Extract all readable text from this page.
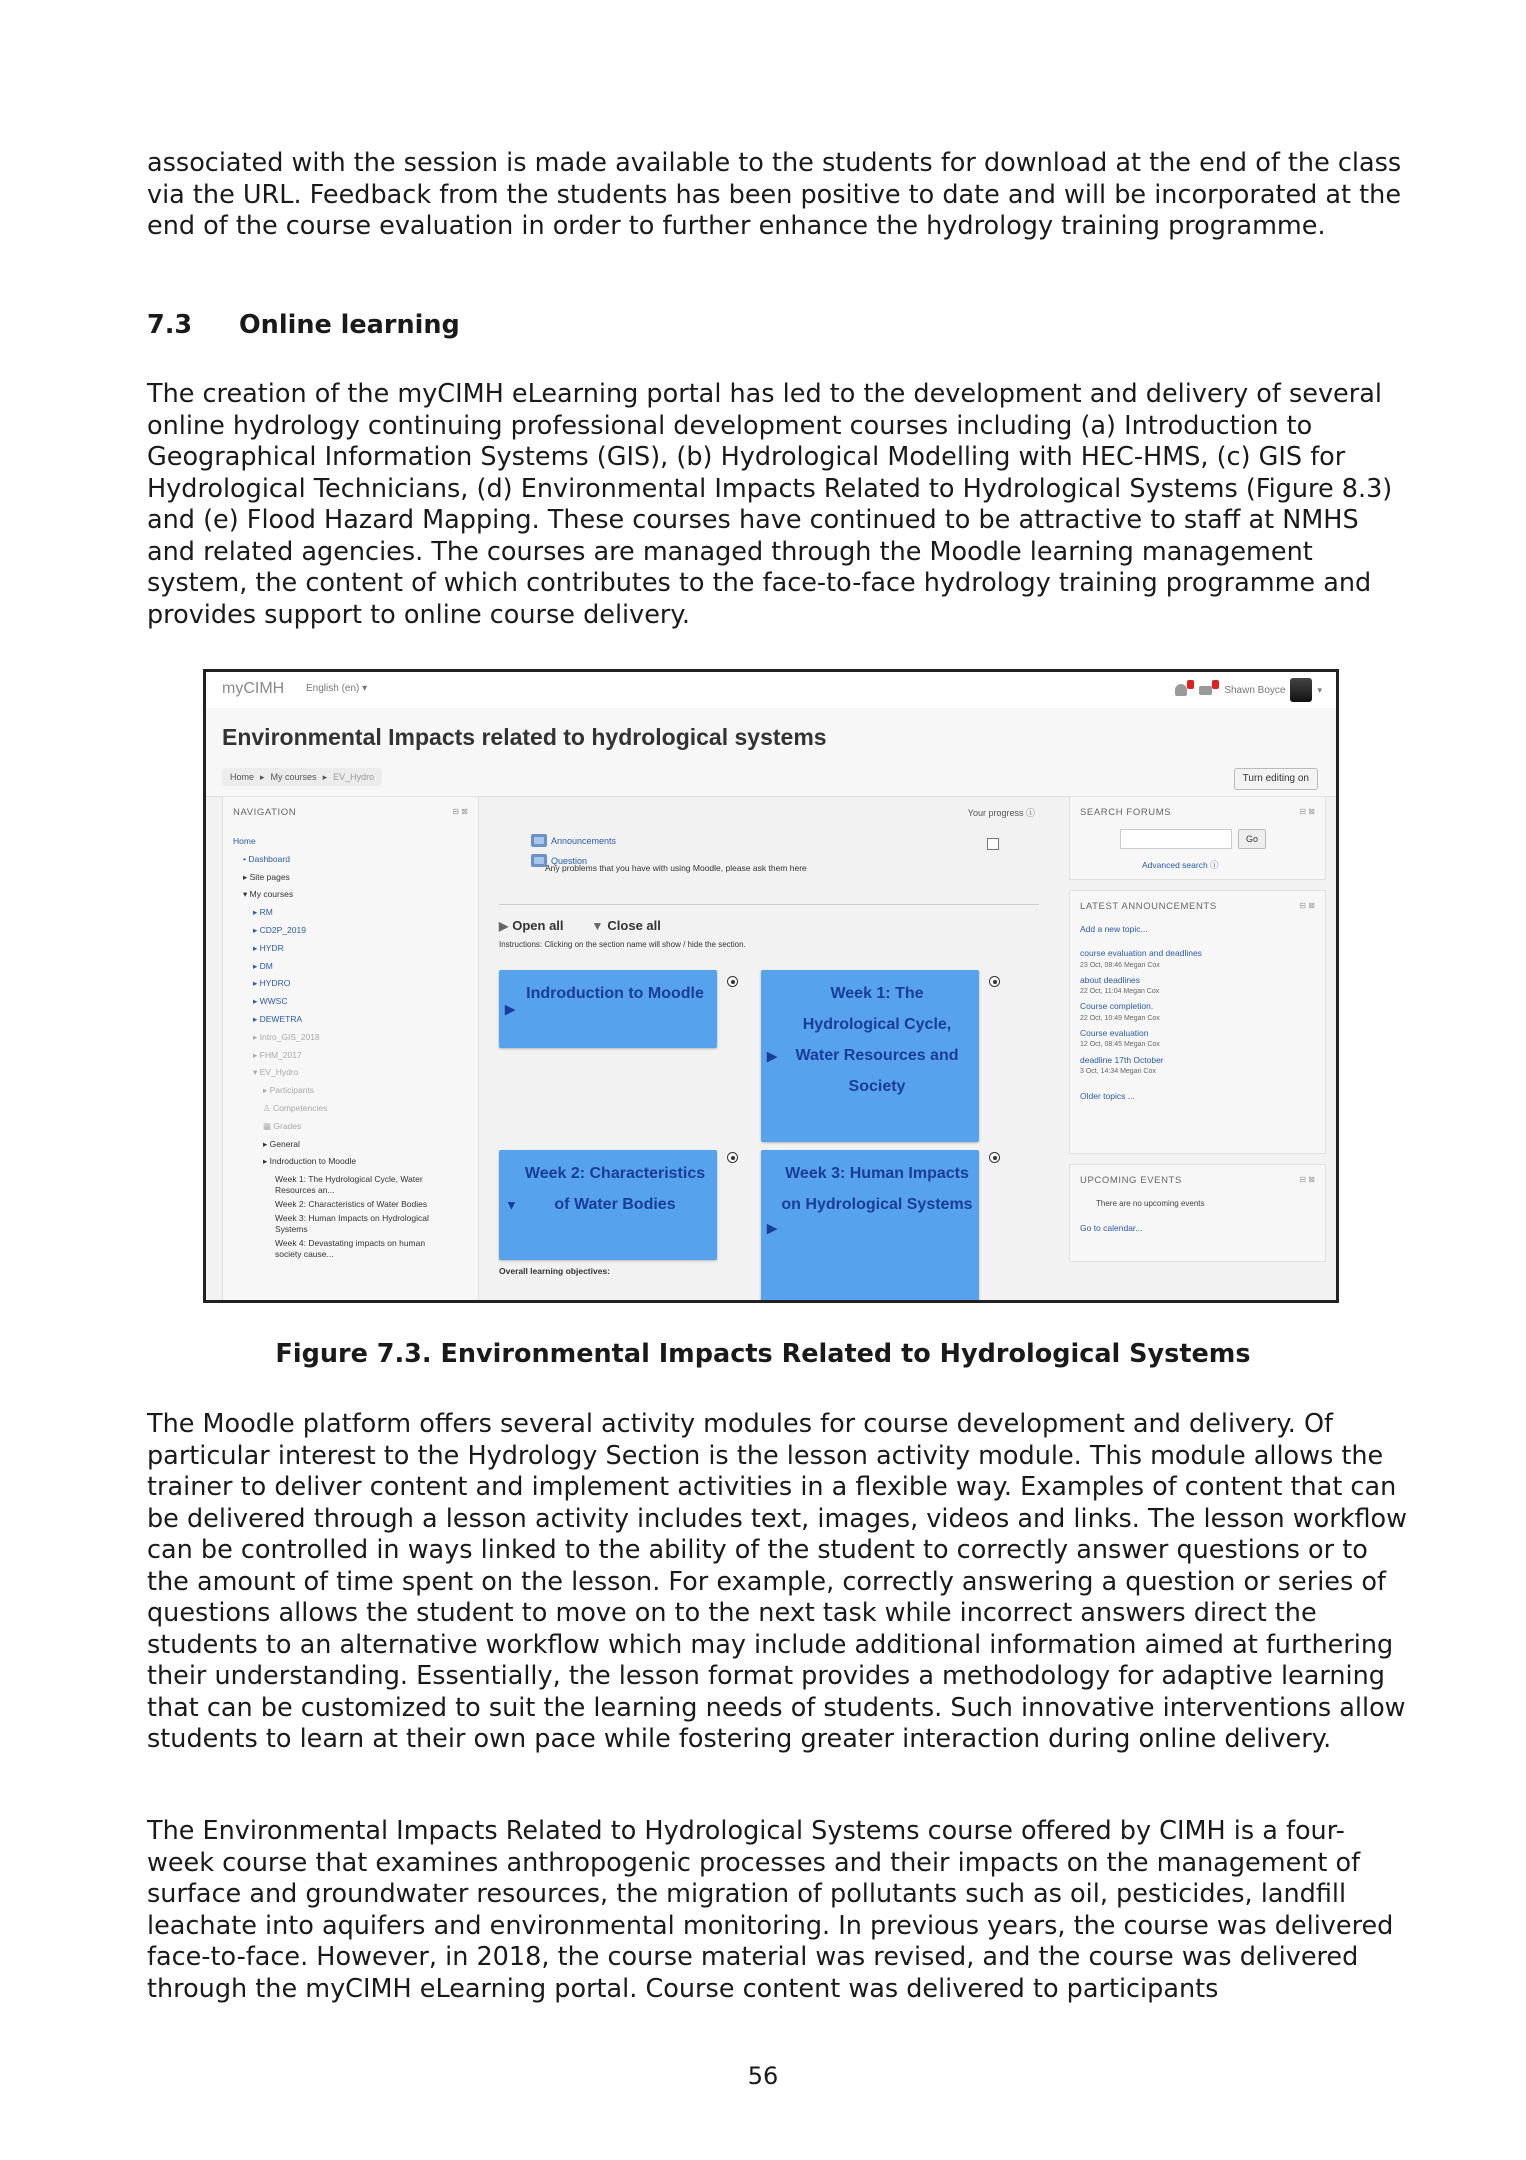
associated with the session is made available to the students for download at the end of the class via the URL. Feedback from the students has been positive to date and will be incorporated at the end of the course evaluation in order to further enhance the hydrology training programme.

7.3 Online learning

The creation of the myCIMH eLearning portal has led to the development and delivery of several online hydrology continuing professional development courses including (a) Introduction to Geographical Information Systems (GIS), (b) Hydrological Modelling with HEC-HMS, (c) GIS for Hydrological Technicians, (d) Environmental Impacts Related to Hydrological Systems (Figure 8.3) and (e) Flood Hazard Mapping. These courses have continued to be attractive to staff at NMHS and related agencies. The courses are managed through the Moodle learning management system, the content of which contributes to the face-to-face hydrology training programme and provides support to online course delivery.

myCIMH English (en) ▾	Shawn Boyce	▾
Environmental Impacts related to hydrological systems
Home ▸ My courses ▸ EV_Hydro	Turn editing on
NAVIGATION	⊟ ⊠
Home
• Dashboard
▸ Site pages
▾ My courses
▸ RM
▸ CD2P_2019
▸ HYDR
▸ DM
▸ HYDRO
▸ WWSC
▸ DEWETRA
▸ Intro_GIS_2018
▸ FHM_2017
▾ EV_Hydro
▸ Participants
♙ Competencies
▦ Grades
▸ General
▸ Indroduction to Moodle
Week 1: The Hydrological Cycle, Water Resources an...
Week 2: Characteristics of Water Bodies
Week 3: Human Impacts on Hydrological Systems
Week 4: Devastating impacts on human society cause...
Your progress ⓘ
Announcements
Question
Any problems that you have with using Moodle, please ask them here
▶ Open all ▼ Close all
Instructions: Clicking on the section name will show / hide the section.
▶
Indroduction to Moodle
▶
Week 1: The Hydrological Cycle, Water Resources and Society
▼
Week 2: Characteristics of Water Bodies
▶
Week 3: Human Impacts on Hydrological Systems
Overall learning objectives:
SEARCH FORUMS	⊟ ⊠
Go
Advanced search ⓘ
LATEST ANNOUNCEMENTS	⊟ ⊠
Add a new topic...
course evaluation and deadlines
23 Oct, 08:46 Megan Cox
about deadlines
22 Oct, 11:04 Megan Cox
Course completion.
22 Oct, 10:49 Megan Cox
Course evaluation
12 Oct, 08:45 Megan Cox
deadline 17th October
3 Oct, 14:34 Megan Cox
Older topics ...
UPCOMING EVENTS	⊟ ⊠
There are no upcoming events
Go to calendar...
Figure 7.3. Environmental Impacts Related to Hydrological Systems

The Moodle platform offers several activity modules for course development and delivery. Of particular interest to the Hydrology Section is the lesson activity module. This module allows the trainer to deliver content and implement activities in a flexible way. Examples of content that can be delivered through a lesson activity includes text, images, videos and links. The lesson workflow can be controlled in ways linked to the ability of the student to correctly answer questions or to the amount of time spent on the lesson. For example, correctly answering a question or series of questions allows the student to move on to the next task while incorrect answers direct the students to an alternative workflow which may include additional information aimed at furthering their understanding. Essentially, the lesson format provides a methodology for adaptive learning that can be customized to suit the learning needs of students. Such innovative interventions allow students to learn at their own pace while fostering greater interaction during online delivery.

The Environmental Impacts Related to Hydrological Systems course offered by CIMH is a four-week course that examines anthropogenic processes and their impacts on the management of surface and groundwater resources, the migration of pollutants such as oil, pesticides, landfill leachate into aquifers and environmental monitoring. In previous years, the course was delivered face-to-face. However, in 2018, the course material was revised, and the course was delivered through the myCIMH eLearning portal. Course content was delivered to participants

56
